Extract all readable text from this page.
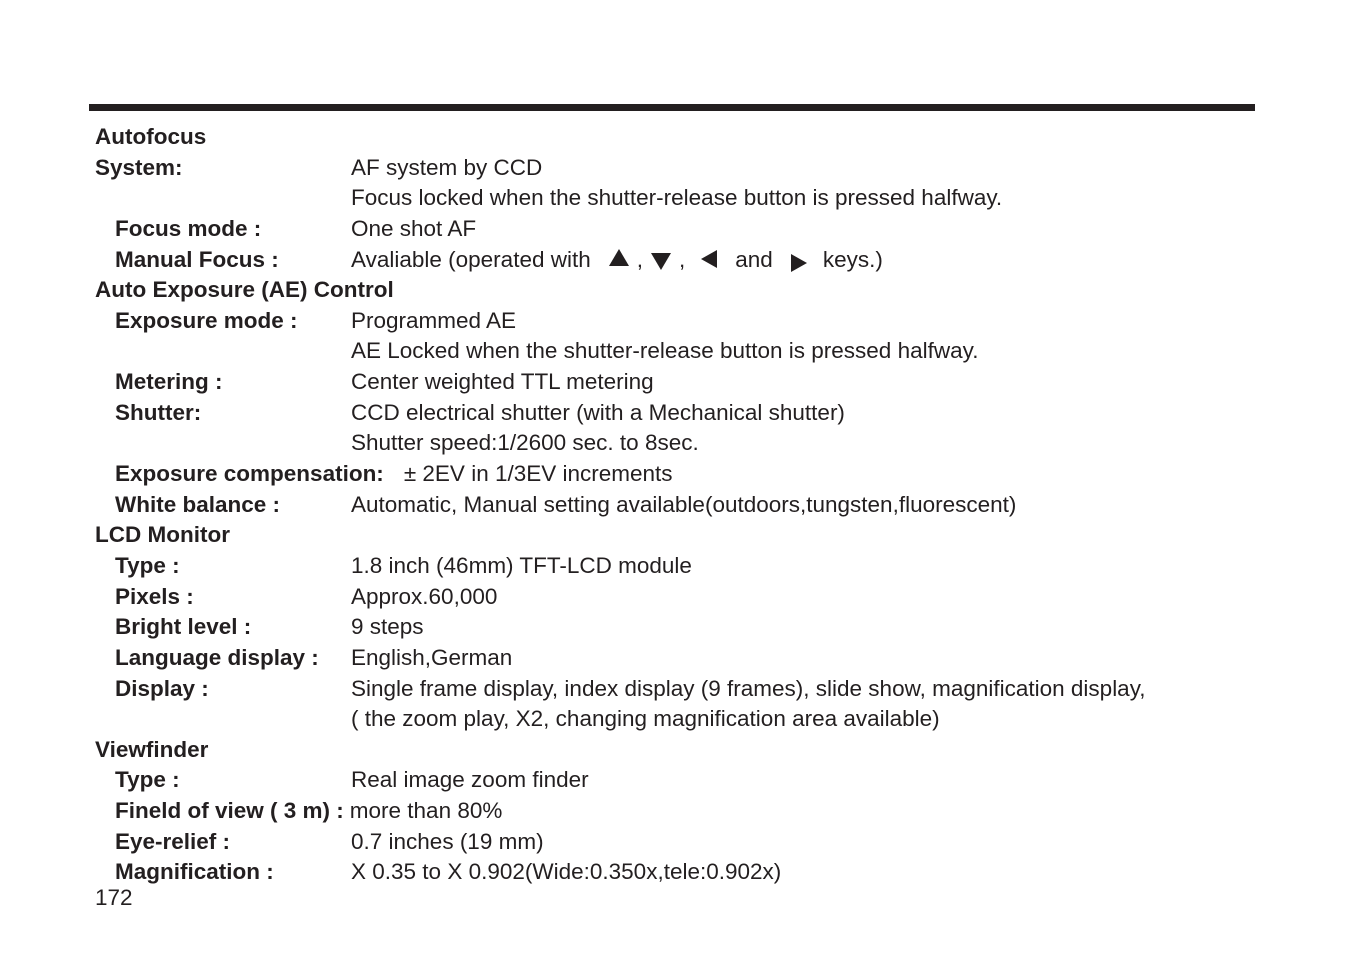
Autofocus
System:	AF system by CCD
Focus locked when the shutter-release button is pressed halfway.
Focus mode :	One shot AF
Manual Focus :	Avaliable (operated with , , and keys.)
Auto Exposure (AE) Control
Exposure mode : Programmed AE
AE Locked when the shutter-release button is pressed halfway.
Metering :	Center weighted TTL metering
Shutter:	CCD electrical shutter (with a Mechanical shutter)
Shutter speed:1/2600 sec. to 8sec.
Exposure compensation: ± 2EV in 1/3EV increments
White balance :	Automatic, Manual setting available(outdoors,tungsten,fluorescent)
LCD Monitor
Type :	1.8 inch (46mm) TFT-LCD module
Pixels :	Approx.60,000
Bright level :	9 steps
Language display : English,German
Display :	Single frame display, index display (9 frames), slide show, magnification display,
( the zoom play, X2, changing magnification area available)
Viewfinder
Type :	Real image zoom finder
Fineld of view ( 3 m) : more than 80%
Eye-relief :	0.7 inches (19 mm)
Magnification :	X 0.35 to X 0.902(Wide:0.350x,tele:0.902x)
172
